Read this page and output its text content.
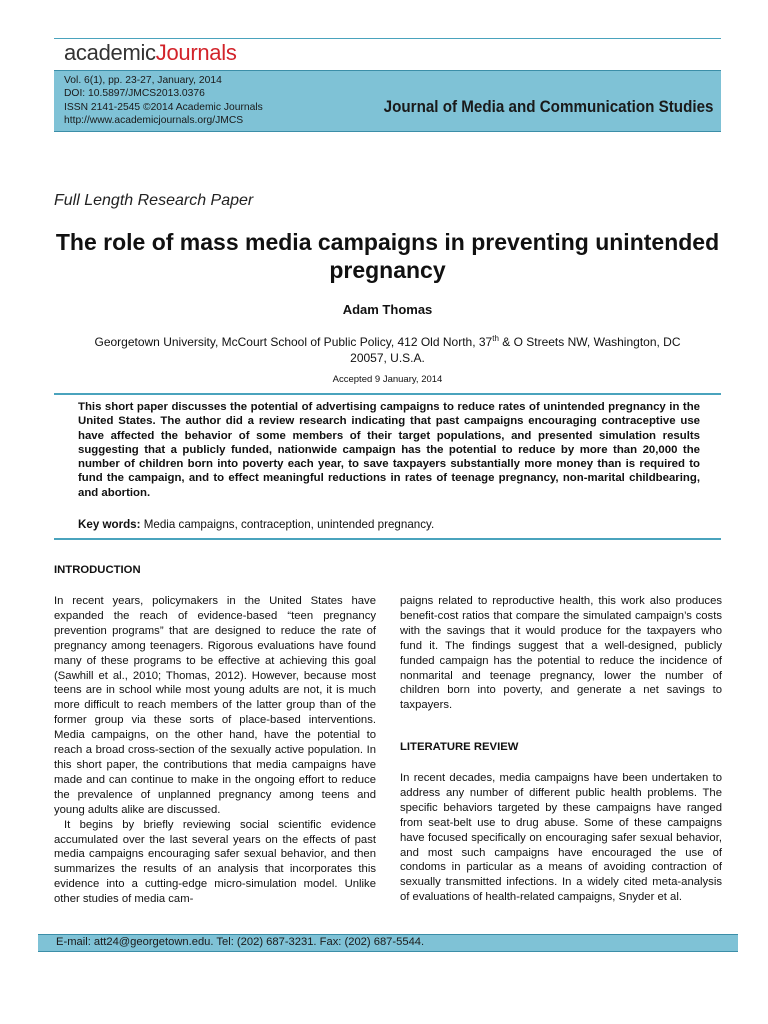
academicJournals
Vol. 6(1), pp. 23-27, January, 2014
DOI: 10.5897/JMCS2013.0376
ISSN 2141-2545 ©2014 Academic Journals
http://www.academicjournals.org/JMCS
Journal of Media and Communication Studies
Full Length Research Paper
The role of mass media campaigns in preventing unintended pregnancy
Adam Thomas
Georgetown University, McCourt School of Public Policy, 412 Old North, 37th & O Streets NW, Washington, DC 20057, U.S.A.
Accepted 9 January, 2014
This short paper discusses the potential of advertising campaigns to reduce rates of unintended pregnancy in the United States. The author did a review research indicating that past campaigns encouraging contraceptive use have affected the behavior of some members of their target populations, and presented simulation results suggesting that a publicly funded, nationwide campaign has the potential to reduce by more than 20,000 the number of children born into poverty each year, to save taxpayers substantially more money than is required to fund the campaign, and to effect meaningful reductions in rates of teenage pregnancy, non-marital childbearing, and abortion.
Key words: Media campaigns, contraception, unintended pregnancy.
INTRODUCTION

In recent years, policymakers in the United States have expanded the reach of evidence-based “teen pregnancy prevention programs” that are designed to reduce the rate of pregnancy among teenagers. Rigorous evaluations have found many of these programs to be effective at achieving this goal (Sawhill et al., 2010; Thomas, 2012). However, because most teens are in school while most young adults are not, it is much more difficult to reach members of the latter group than of the former group via these sorts of place-based interventions. Media campaigns, on the other hand, have the potential to reach a broad cross-section of the sexually active population. In this short paper, the contributions that media campaigns have made and can continue to make in the ongoing effort to reduce the prevalence of unplanned pregnancy among teens and young adults alike are discussed.

It begins by briefly reviewing social scientific evidence accumulated over the last several years on the effects of past media campaigns encouraging safer sexual behavior, and then summarizes the results of an analysis that incorporates this evidence into a cutting-edge micro-simulation model. Unlike other studies of media cam-

paigns related to reproductive health, this work also produces benefit-cost ratios that compare the simulated campaign’s costs with the savings that it would produce for the taxpayers who fund it. The findings suggest that a well-designed, publicly funded campaign has the potential to reduce the incidence of nonmarital and teenage pregnancy, lower the number of children born into poverty, and generate a net savings to taxpayers.

LITERATURE REVIEW

In recent decades, media campaigns have been undertaken to address any number of different public health problems. The specific behaviors targeted by these campaigns have ranged from seat-belt use to drug abuse. Some of these campaigns have focused specifically on encouraging safer sexual behavior, and most such campaigns have encouraged the use of condoms in particular as a means of avoiding contraction of sexually transmitted infections. In a widely cited meta-analysis of evaluations of health-related campaigns, Snyder et al.

E-mail: att24@georgetown.edu. Tel: (202) 687-3231. Fax: (202) 687-5544.
